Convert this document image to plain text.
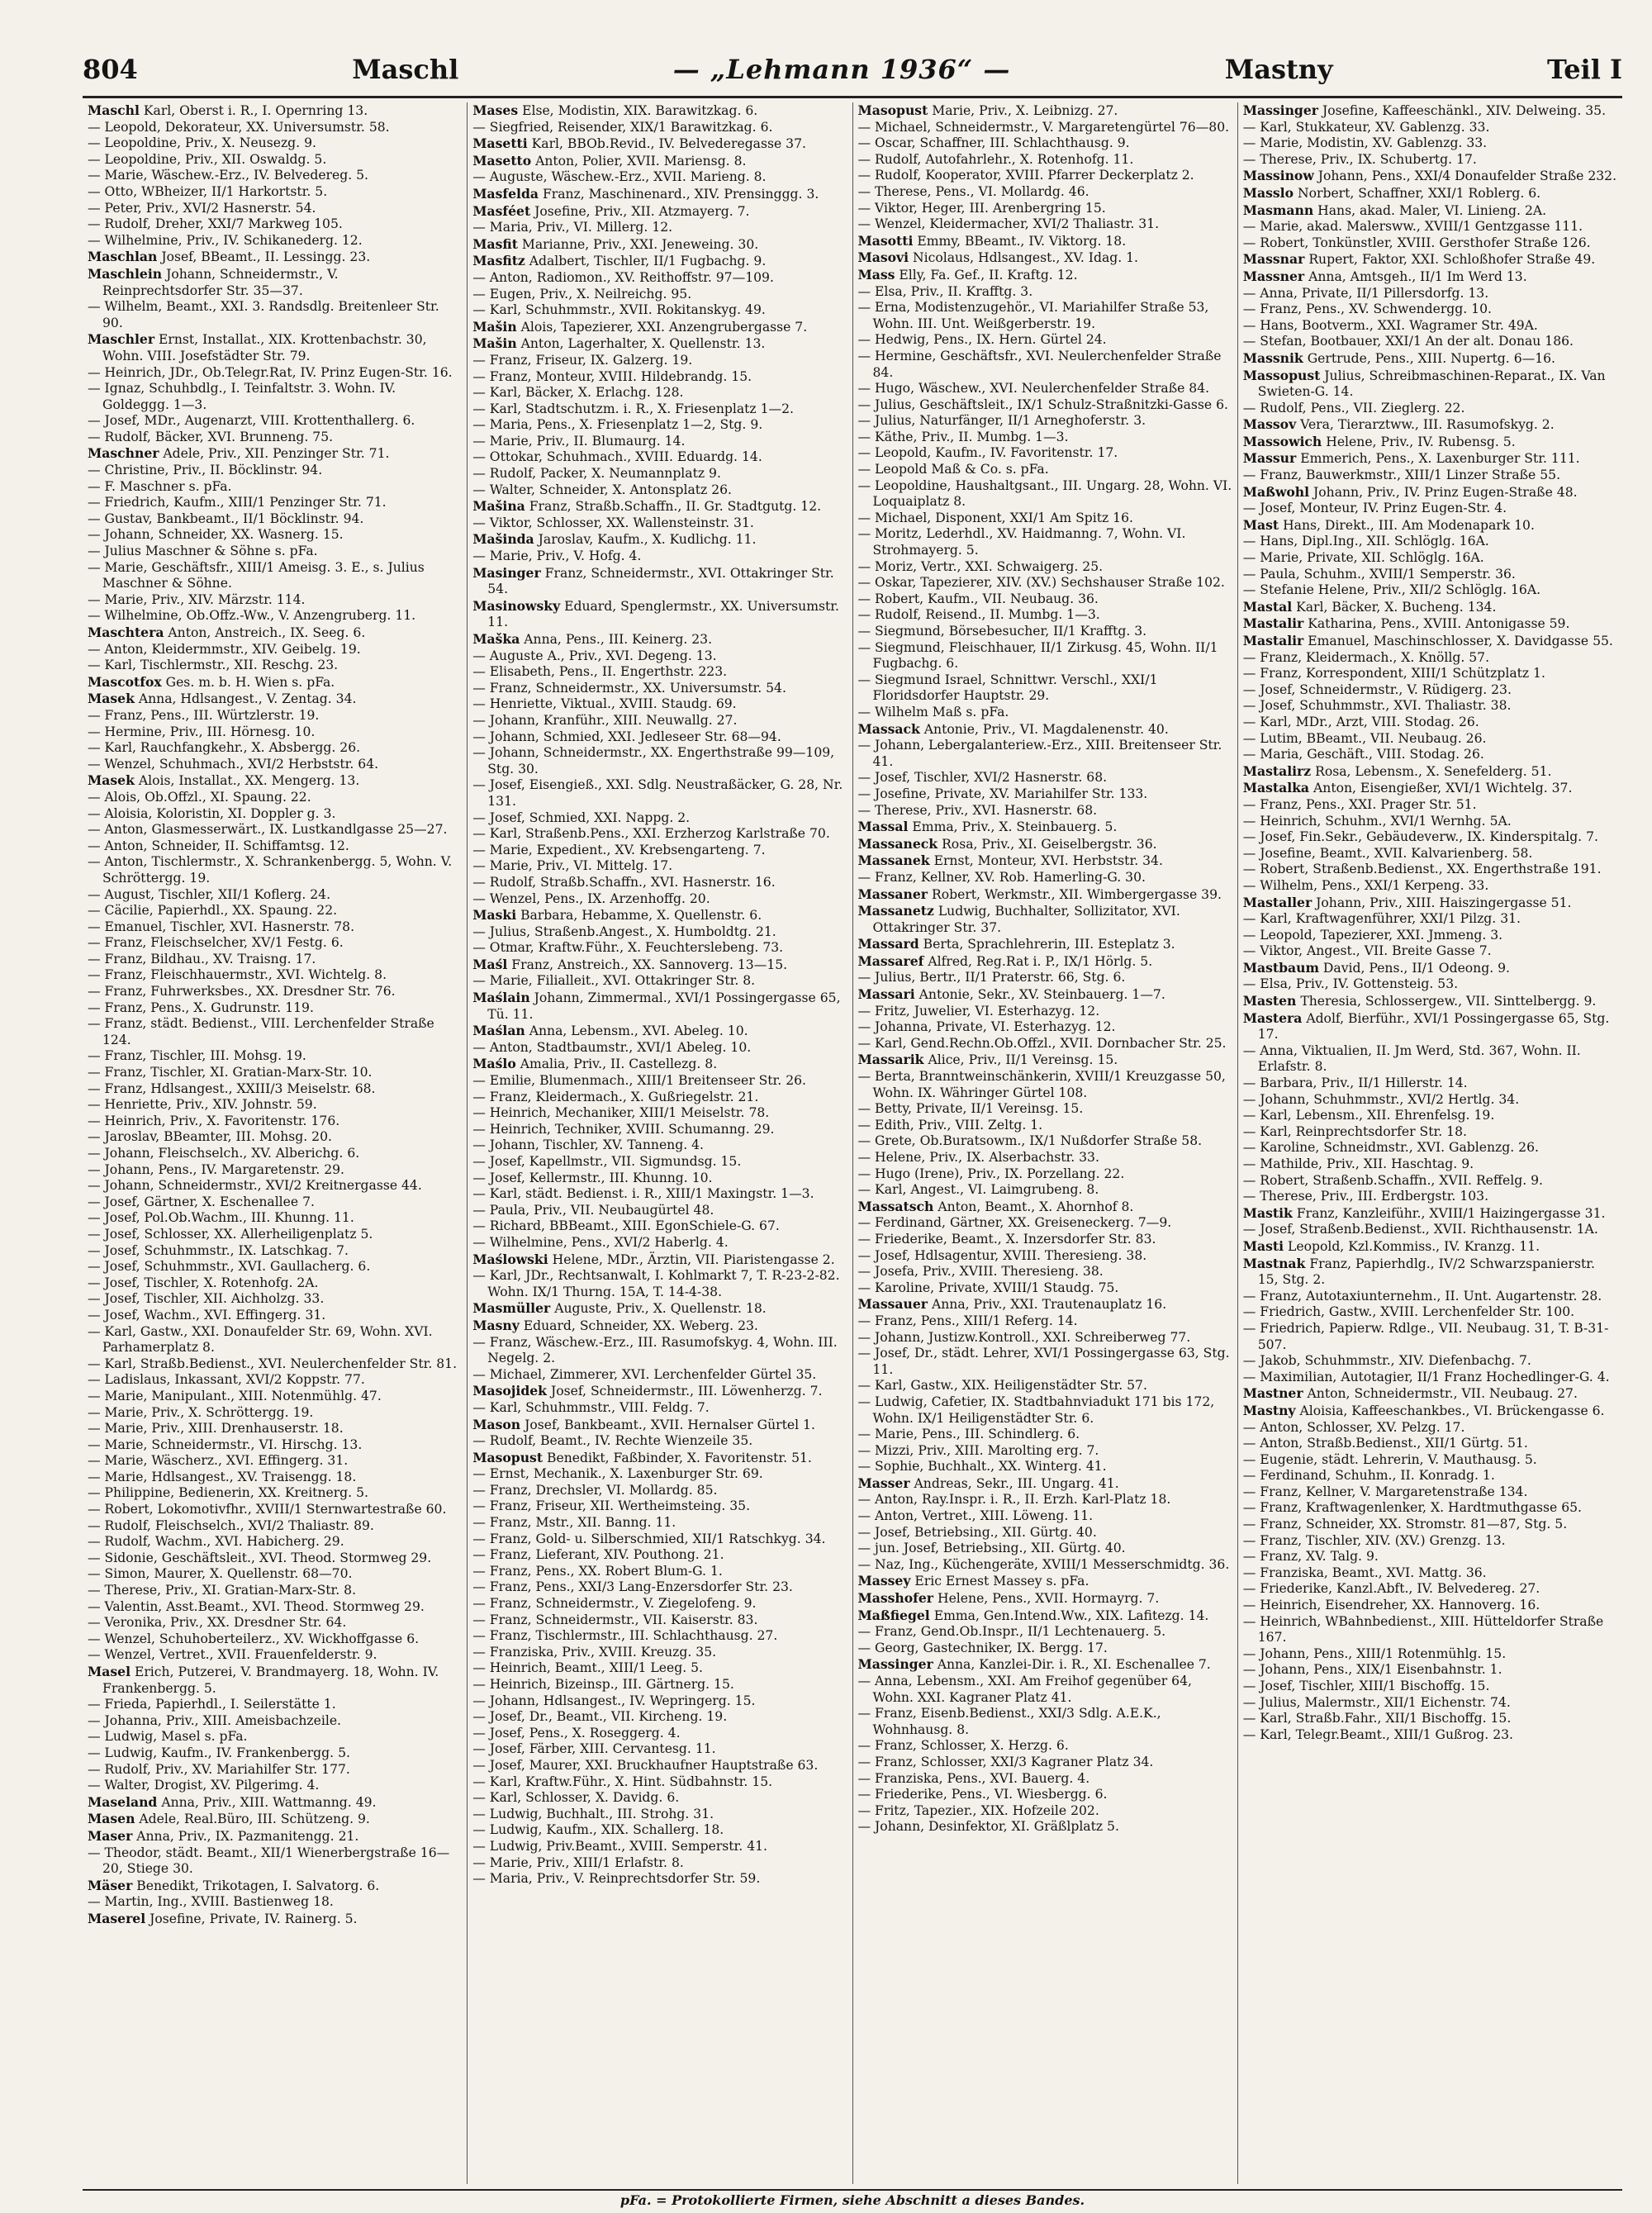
804	Maschl	— „Lehmann 1936“ —	Mastny	Teil I
Maschl Karl, Oberst i. R., I. Opernring 13.
— Leopold, Dekorateur, XX. Universumstr. 58.
— Leopoldine, Priv., X. Neusezg. 9.
— Leopoldine, Priv., XII. Oswaldg. 5.
— Marie, Wäschew.-Erz., IV. Belvedereg. 5.
— Otto, WBheizer, II/1 Harkortstr. 5.
— Peter, Priv., XVI/2 Hasnerstr. 54.
— Rudolf, Dreher, XXI/7 Markweg 105.
— Wilhelmine, Priv., IV. Schikanederg. 12.
Maschlan Josef, BBeamt., II. Lessingg. 23.
Maschlein Johann, Schneidermstr., V. Reinprechtsdorfer Str. 35—37.
— Wilhelm, Beamt., XXI. 3. Randsdlg. Breitenleer Str. 90.
Maschler Ernst, Installat., XIX. Krottenbachstr. 30, Wohn. VIII. Josefstädter Str. 79.
— Heinrich, JDr., Ob.Telegr.Rat, IV. Prinz Eugen-Str. 16.
— Ignaz, Schuhbdlg., I. Teinfaltstr. 3. Wohn. IV. Goldeggg. 1—3.
— Josef, MDr., Augenarzt, VIII. Krottenthallerg. 6.
— Rudolf, Bäcker, XVI. Brunneng. 75.
Maschner Adele, Priv., XII. Penzinger Str. 71.
— Christine, Priv., II. Böcklinstr. 94.
— F. Maschner s. pFa.
— Friedrich, Kaufm., XIII/1 Penzinger Str. 71.
— Gustav, Bankbeamt., II/1 Böcklinstr. 94.
— Johann, Schneider, XX. Wasnerg. 15.
— Julius Maschner & Söhne s. pFa.
— Marie, Geschäftsfr., XIII/1 Ameisg. 3. E., s. Julius Maschner & Söhne.
— Marie, Priv., XIV. Märzstr. 114.
— Wilhelmine, Ob.Offz.-Ww., V. Anzengruberg. 11.
Maschtera Anton, Anstreich., IX. Seeg. 6.
— Anton, Kleidermmstr., XIV. Geibelg. 19.
— Karl, Tischlermstr., XII. Reschg. 23.
Mascotfox Ges. m. b. H. Wien s. pFa.
Masek Anna, Hdlsangest., V. Zentag. 34.
— Franz, Pens., III. Würtzlerstr. 19.
— Hermine, Priv., III. Hörnesg. 10.
— Karl, Rauchfangkehr., X. Absbergg. 26.
— Wenzel, Schuhmach., XVI/2 Herbststr. 64.
Masek Alois, Installat., XX. Mengerg. 13.
— Alois, Ob.Offzl., XI. Spaung. 22.
— Aloisia, Koloristin, XI. Doppler g. 3.
— Anton, Glasmesserwärt., IX. Lustkandlgasse 25—27.
— Anton, Schneider, II. Schiffamtsg. 12.
— Anton, Tischlermstr., X. Schrankenbergg. 5, Wohn. V. Schröttergg. 19.
— August, Tischler, XII/1 Koflerg. 24.
— Cäcilie, Papierhdl., XX. Spaung. 22.
— Emanuel, Tischler, XVI. Hasnerstr. 78.
— Franz, Fleischselcher, XV/1 Festg. 6.
— Franz, Bildhau., XV. Traisng. 17.
— Franz, Fleischhauermstr., XVI. Wichtelg. 8.
— Franz, Fuhrwerksbes., XX. Dresdner Str. 76.
— Franz, Pens., X. Gudrunstr. 119.
— Franz, städt. Bedienst., VIII. Lerchenfelder Straße 124.
— Franz, Tischler, III. Mohsg. 19.
— Franz, Tischler, XI. Gratian-Marx-Str. 10.
— Franz, Hdlsangest., XXIII/3 Meiselstr. 68.
— Henriette, Priv., XIV. Johnstr. 59.
— Heinrich, Priv., X. Favoritenstr. 176.
— Jaroslav, BBeamter, III. Mohsg. 20.
— Johann, Fleischselch., XV. Alberichg. 6.
— Johann, Pens., IV. Margaretenstr. 29.
— Johann, Schneidermstr., XVI/2 Kreitnergasse 44.
— Josef, Gärtner, X. Eschenallee 7.
— Josef, Pol.Ob.Wachm., III. Khunng. 11.
— Josef, Schlosser, XX. Allerheiligenplatz 5.
— Josef, Schuhmmstr., IX. Latschkag. 7.
— Josef, Schuhmmstr., XVI. Gaullacherg. 6.
— Josef, Tischler, X. Rotenhofg. 2A.
— Josef, Tischler, XII. Aichholzg. 33.
— Josef, Wachm., XVI. Effingerg. 31.
— Karl, Gastw., XXI. Donaufelder Str. 69, Wohn. XVI. Parhamerplatz 8.
— Karl, Straßb.Bedienst., XVI. Neulerchenfelder Str. 81.
— Ladislaus, Inkassant, XVI/2 Koppstr. 77.
— Marie, Manipulant., XIII. Notenmühlg. 47.
— Marie, Priv., X. Schröttergg. 19.
— Marie, Priv., XIII. Drenhauserstr. 18.
— Marie, Schneidermstr., VI. Hirschg. 13.
— Marie, Wäscherz., XVI. Effingerg. 31.
— Marie, Hdlsangest., XV. Traisengg. 18.
— Philippine, Bedienerin, XX. Kreitnerg. 5.
— Robert, Lokomotivfhr., XVIII/1 Sternwartestraße 60.
— Rudolf, Fleischselch., XVI/2 Thaliastr. 89.
— Rudolf, Wachm., XVI. Habicherg. 29.
— Sidonie, Geschäftsleit., XVI. Theod. Stormweg 29.
— Simon, Maurer, X. Quellenstr. 68—70.
— Therese, Priv., XI. Gratian-Marx-Str. 8.
— Valentin, Asst.Beamt., XVI. Theod. Stormweg 29.
— Veronika, Priv., XX. Dresdner Str. 64.
— Wenzel, Schuhoberteilerz., XV. Wickhoffgasse 6.
— Wenzel, Vertret., XVII. Frauenfelderstr. 9.
Masel Erich, Putzerei, V. Brandmayerg. 18, Wohn. IV. Frankenbergg. 5.
— Frieda, Papierhdl., I. Seilerstätte 1.
— Johanna, Priv., XIII. Ameisbachzeile.
— Ludwig, Masel s. pFa.
— Ludwig, Kaufm., IV. Frankenbergg. 5.
— Rudolf, Priv., XV. Mariahilfer Str. 177.
— Walter, Drogist, XV. Pilgerimg. 4.
Maseland Anna, Priv., XIII. Wattmanng. 49.
Masen Adele, Real.Büro, III. Schützeng. 9.
Maser Anna, Priv., IX. Pazmanitengg. 21.
— Theodor, städt. Beamt., XII/1 Wienerbergstraße 16—20, Stiege 30.
Mäser Benedikt, Trikotagen, I. Salvatorg. 6.
— Martin, Ing., XVIII. Bastienweg 18.
Maserel Josefine, Private, IV. Rainerg. 5.
Mases Else, Modistin, XIX. Barawitzkag. 6.
— Siegfried, Reisender, XIX/1 Barawitzkag. 6.
Masetti Karl, BBOb.Revid., IV. Belvederegasse 37.
Masetto Anton, Polier, XVII. Mariensg. 8.
— Auguste, Wäschew.-Erz., XVII. Marieng. 8.
Masfelda Franz, Maschinenard., XIV. Prensinggg. 3.
Masféet Josefine, Priv., XII. Atzmayerg. 7.
— Maria, Priv., VI. Millerg. 12.
Masfit Marianne, Priv., XXI. Jeneweing. 30.
Masfitz Adalbert, Tischler, II/1 Fugbachg. 9.
— Anton, Radiomon., XV. Reithoffstr. 97—109.
— Eugen, Priv., X. Neilreichg. 95.
— Karl, Schuhmmstr., XVII. Rokitanskyg. 49.
Mašin Alois, Tapezierer, XXI. Anzengrubergasse 7.
Mašin Anton, Lagerhalter, X. Quellenstr. 13.
— Franz, Friseur, IX. Galzerg. 19.
— Franz, Monteur, XVIII. Hildebrandg. 15.
— Karl, Bäcker, X. Erlachg. 128.
— Karl, Stadtschutzm. i. R., X. Friesenplatz 1—2.
— Maria, Pens., X. Friesenplatz 1—2, Stg. 9.
— Marie, Priv., II. Blumaurg. 14.
— Ottokar, Schuhmach., XVIII. Eduardg. 14.
— Rudolf, Packer, X. Neumannplatz 9.
— Walter, Schneider, X. Antonsplatz 26.
Mašina Franz, Straßb.Schaffn., II. Gr. Stadtgutg. 12.
— Viktor, Schlosser, XX. Wallensteinstr. 31.
Mašinda Jaroslav, Kaufm., X. Kudlichg. 11.
— Marie, Priv., V. Hofg. 4.
Masinger Franz, Schneidermstr., XVI. Ottakringer Str. 54.
Masinowsky Eduard, Spenglermstr., XX. Universumstr. 11.
Maška Anna, Pens., III. Keinerg. 23.
— Auguste A., Priv., XVI. Degeng. 13.
— Elisabeth, Pens., II. Engerthstr. 223.
— Franz, Schneidermstr., XX. Universumstr. 54.
— Henriette, Viktual., XVIII. Staudg. 69.
— Johann, Kranführ., XIII. Neuwallg. 27.
— Johann, Schmied, XXI. Jedleseer Str. 68—94.
— Johann, Schneidermstr., XX. Engerthstraße 99—109, Stg. 30.
— Josef, Eisengieß., XXI. Sdlg. Neustraßäcker, G. 28, Nr. 131.
— Josef, Schmied, XXI. Nappg. 2.
— Karl, Straßenb.Pens., XXI. Erzherzog Karlstraße 70.
— Marie, Expedient., XV. Krebsengarteng. 7.
— Marie, Priv., VI. Mittelg. 17.
— Rudolf, Straßb.Schaffn., XVI. Hasnerstr. 16.
— Wenzel, Pens., IX. Arzenhoffg. 20.
Maski Barbara, Hebamme, X. Quellenstr. 6.
— Julius, Straßenb.Angest., X. Humboldtg. 21.
— Otmar, Kraftw.Führ., X. Feuchterslebeng. 73.
Maśl Franz, Anstreich., XX. Sannoverg. 13—15.
— Marie, Filialleit., XVI. Ottakringer Str. 8.
Maślain Johann, Zimmermal., XVI/1 Possingergasse 65, Tü. 11.
Maślan Anna, Lebensm., XVI. Abeleg. 10.
— Anton, Stadtbaumstr., XVI/1 Abeleg. 10.
Maślo Amalia, Priv., II. Castellezg. 8.
— Emilie, Blumenmach., XIII/1 Breitenseer Str. 26.
— Franz, Kleidermach., X. Gußriegelstr. 21.
— Heinrich, Mechaniker, XIII/1 Meiselstr. 78.
— Heinrich, Techniker, XVIII. Schumanng. 29.
— Johann, Tischler, XV. Tanneng. 4.
— Josef, Kapellmstr., VII. Sigmundsg. 15.
— Josef, Kellermstr., III. Khunng. 10.
— Karl, städt. Bedienst. i. R., XIII/1 Maxingstr. 1—3.
— Paula, Priv., VII. Neubaugürtel 48.
— Richard, BBBeamt., XIII. EgonSchiele-G. 67.
— Wilhelmine, Pens., XVI/2 Haberlg. 4.
Maślowski Helene, MDr., Ärztin, VII. Piaristengasse 2.
— Karl, JDr., Rechtsanwalt, I. Kohlmarkt 7, T. R-23-2-82. Wohn. IX/1 Thurng. 15A, T. 14-4-38.
Masmüller Auguste, Priv., X. Quellenstr. 18.
Masny Eduard, Schneider, XX. Weberg. 23.
— Franz, Wäschew.-Erz., III. Rasumofskyg. 4, Wohn. III. Negelg. 2.
— Michael, Zimmerer, XVI. Lerchenfelder Gürtel 35.
Masojidek Josef, Schneidermstr., III. Löwenherzg. 7.
— Karl, Schuhmmstr., VIII. Feldg. 7.
Mason Josef, Bankbeamt., XVII. Hernalser Gürtel 1.
— Rudolf, Beamt., IV. Rechte Wienzeile 35.
Masopust Benedikt, Faßbinder, X. Favoritenstr. 51.
— Ernst, Mechanik., X. Laxenburger Str. 69.
— Franz, Drechsler, VI. Mollardg. 85.
— Franz, Friseur, XII. Wertheimsteing. 35.
— Franz, Mstr., XII. Banng. 11.
— Franz, Gold- u. Silberschmied, XII/1 Ratschkyg. 34.
— Franz, Lieferant, XIV. Pouthong. 21.
— Franz, Pens., XX. Robert Blum-G. 1.
— Franz, Pens., XXI/3 Lang-Enzersdorfer Str. 23.
— Franz, Schneidermstr., V. Ziegelofeng. 9.
— Franz, Schneidermstr., VII. Kaiserstr. 83.
— Franz, Tischlermstr., III. Schlachthausg. 27.
— Franziska, Priv., XVIII. Kreuzg. 35.
— Heinrich, Beamt., XIII/1 Leeg. 5.
— Heinrich, Bizeinsp., III. Gärtnerg. 15.
— Johann, Hdlsangest., IV. Wepringerg. 15.
— Josef, Dr., Beamt., VII. Kircheng. 19.
— Josef, Pens., X. Roseggerg. 4.
— Josef, Färber, XIII. Cervantesg. 11.
— Josef, Maurer, XXI. Bruckhaufner Hauptstraße 63.
— Karl, Kraftw.Führ., X. Hint. Südbahnstr. 15.
— Karl, Schlosser, X. Davidg. 6.
— Ludwig, Buchhalt., III. Strohg. 31.
— Ludwig, Kaufm., XIX. Schallerg. 18.
— Ludwig, Priv.Beamt., XVIII. Semperstr. 41.
— Marie, Priv., XIII/1 Erlafstr. 8.
— Maria, Priv., V. Reinprechtsdorfer Str. 59.
Masopust Marie, Priv., X. Leibnizg. 27.
— Michael, Schneidermstr., V. Margaretengürtel 76—80.
— Oscar, Schaffner, III. Schlachthausg. 9.
— Rudolf, Autofahrlehr., X. Rotenhofg. 11.
— Rudolf, Kooperator, XVIII. Pfarrer Deckerplatz 2.
— Therese, Pens., VI. Mollardg. 46.
— Viktor, Heger, III. Arenbergring 15.
— Wenzel, Kleidermacher, XVI/2 Thaliastr. 31.
Masotti Emmy, BBeamt., IV. Viktorg. 18.
Masovi Nicolaus, Hdlsangest., XV. Idag. 1.
Mass Elly, Fa. Gef., II. Kraftg. 12.
— Elsa, Priv., II. Krafftg. 3.
— Erna, Modistenzugehör., VI. Mariahilfer Straße 53, Wohn. III. Unt. Weißgerberstr. 19.
— Hedwig, Pens., IX. Hern. Gürtel 24.
— Hermine, Geschäftsfr., XVI. Neulerchenfelder Straße 84.
— Hugo, Wäschew., XVI. Neulerchenfelder Straße 84.
— Julius, Geschäftsleit., IX/1 Schulz-Straßnitzki-Gasse 6.
— Julius, Naturfänger, II/1 Arneghoferstr. 3.
— Käthe, Priv., II. Mumbg. 1—3.
— Leopold, Kaufm., IV. Favoritenstr. 17.
— Leopold Maß & Co. s. pFa.
— Leopoldine, Haushaltgsant., III. Ungarg. 28, Wohn. VI. Loquaiplatz 8.
— Michael, Disponent, XXI/1 Am Spitz 16.
— Moritz, Lederhdl., XV. Haidmanng. 7, Wohn. VI. Strohmayerg. 5.
— Moriz, Vertr., XXI. Schwaigerg. 25.
— Oskar, Tapezierer, XIV. (XV.) Sechshauser Straße 102.
— Robert, Kaufm., VII. Neubaug. 36.
— Rudolf, Reisend., II. Mumbg. 1—3.
— Siegmund, Börsebesucher, II/1 Krafftg. 3.
— Siegmund, Fleischhauer, II/1 Zirkusg. 45, Wohn. II/1 Fugbachg. 6.
— Siegmund Israel, Schnittwr. Verschl., XXI/1 Floridsdorfer Hauptstr. 29.
— Wilhelm Maß s. pFa.
Massack Antonie, Priv., VI. Magdalenenstr. 40.
— Johann, Lebergalanteriew.-Erz., XIII. Breitenseer Str. 41.
— Josef, Tischler, XVI/2 Hasnerstr. 68.
— Josefine, Private, XV. Mariahilfer Str. 133.
— Therese, Priv., XVI. Hasnerstr. 68.
Massal Emma, Priv., X. Steinbauerg. 5.
Massaneck Rosa, Priv., XI. Geiselbergstr. 36.
Massanek Ernst, Monteur, XVI. Herbststr. 34.
— Franz, Kellner, XV. Rob. Hamerling-G. 30.
Massaner Robert, Werkmstr., XII. Wimbergergasse 39.
Massanetz Ludwig, Buchhalter, Sollizitator, XVI. Ottakringer Str. 37.
Massard Berta, Sprachlehrerin, III. Esteplatz 3.
Massaref Alfred, Reg.Rat i. P., IX/1 Hörlg. 5.
— Julius, Bertr., II/1 Praterstr. 66, Stg. 6.
Massari Antonie, Sekr., XV. Steinbauerg. 1—7.
— Fritz, Juwelier, VI. Esterhazyg. 12.
— Johanna, Private, VI. Esterhazyg. 12.
— Karl, Gend.Rechn.Ob.Offzl., XVII. Dornbacher Str. 25.
Massarik Alice, Priv., II/1 Vereinsg. 15.
— Berta, Branntweinschänkerin, XVIII/1 Kreuzgasse 50, Wohn. IX. Währinger Gürtel 108.
— Betty, Private, II/1 Vereinsg. 15.
— Edith, Priv., VIII. Zeltg. 1.
— Grete, Ob.Buratsowm., IX/1 Nußdorfer Straße 58.
— Helene, Priv., IX. Alserbachstr. 33.
— Hugo (Irene), Priv., IX. Porzellang. 22.
— Karl, Angest., VI. Laimgrubeng. 8.
Massatsch Anton, Beamt., X. Ahornhof 8.
— Ferdinand, Gärtner, XX. Greiseneckerg. 7—9.
— Friederike, Beamt., X. Inzersdorfer Str. 83.
— Josef, Hdlsagentur, XVIII. Theresieng. 38.
— Josefa, Priv., XVIII. Theresieng. 38.
— Karoline, Private, XVIII/1 Staudg. 75.
Massauer Anna, Priv., XXI. Trautenauplatz 16.
— Franz, Pens., XIII/1 Referg. 14.
— Johann, Justizw.Kontroll., XXI. Schreiberweg 77.
— Josef, Dr., städt. Lehrer, XVI/1 Possingergasse 63, Stg. 11.
— Karl, Gastw., XIX. Heiligenstädter Str. 57.
— Ludwig, Cafetier, IX. Stadtbahnviadukt 171 bis 172, Wohn. IX/1 Heiligenstädter Str. 6.
— Marie, Pens., III. Schindlerg. 6.
— Mizzi, Priv., XIII. Marolting erg. 7.
— Sophie, Buchhalt., XX. Winterg. 41.
Masser Andreas, Sekr., III. Ungarg. 41.
— Anton, Ray.Inspr. i. R., II. Erzh. Karl-Platz 18.
— Anton, Vertret., XIII. Löweng. 11.
— Josef, Betriebsing., XII. Gürtg. 40.
— jun. Josef, Betriebsing., XII. Gürtg. 40.
— Naz, Ing., Küchengeräte, XVIII/1 Messerschmidtg. 36.
Massey Eric Ernest Massey s. pFa.
Masshofer Helene, Pens., XVII. Hormayrg. 7.
Maßfiegel Emma, Gen.Intend.Ww., XIX. Lafitezg. 14.
— Franz, Gend.Ob.Inspr., II/1 Lechtenauerg. 5.
— Georg, Gastechniker, IX. Bergg. 17.
Massinger Anna, Kanzlei-Dir. i. R., XI. Eschenallee 7.
— Anna, Lebensm., XXI. Am Freihof gegenüber 64, Wohn. XXI. Kagraner Platz 41.
— Franz, Eisenb.Bedienst., XXI/3 Sdlg. A.E.K., Wohnhausg. 8.
— Franz, Schlosser, X. Herzg. 6.
— Franz, Schlosser, XXI/3 Kagraner Platz 34.
— Franziska, Pens., XVI. Bauerg. 4.
— Friederike, Pens., VI. Wiesbergg. 6.
— Fritz, Tapezier., XIX. Hofzeile 202.
— Johann, Desinfektor, XI. Gräßlplatz 5.
Massinger Josefine, Kaffeeschänkl., XIV. Delweing. 35.
— Karl, Stukkateur, XV. Gablenzg. 33.
— Marie, Modistin, XV. Gablenzg. 33.
— Therese, Priv., IX. Schubertg. 17.
Massinow Johann, Pens., XXI/4 Donaufelder Straße 232.
Masslo Norbert, Schaffner, XXI/1 Roblerg. 6.
Masmann Hans, akad. Maler, VI. Linieng. 2A.
— Marie, akad. Malersww., XVIII/1 Gentzgasse 111.
— Robert, Tonkünstler, XVIII. Gersthofer Straße 126.
Massnar Rupert, Faktor, XXI. Schloßhofer Straße 49.
Massner Anna, Amtsgeh., II/1 Im Werd 13.
— Anna, Private, II/1 Pillersdorfg. 13.
— Franz, Pens., XV. Schwendergg. 10.
— Hans, Bootverm., XXI. Wagramer Str. 49A.
— Stefan, Bootbauer, XXI/1 An der alt. Donau 186.
Massnik Gertrude, Pens., XIII. Nupertg. 6—16.
Massopust Julius, Schreibmaschinen-Reparat., IX. Van Swieten-G. 14.
— Rudolf, Pens., VII. Zieglerg. 22.
Massov Vera, Tierarztww., III. Rasumofskyg. 2.
Massowich Helene, Priv., IV. Rubensg. 5.
Massur Emmerich, Pens., X. Laxenburger Str. 111.
— Franz, Bauwerkmstr., XIII/1 Linzer Straße 55.
Maßwohl Johann, Priv., IV. Prinz Eugen-Straße 48.
— Josef, Monteur, IV. Prinz Eugen-Str. 4.
Mast Hans, Direkt., III. Am Modenapark 10.
— Hans, Dipl.Ing., XII. Schlöglg. 16A.
— Marie, Private, XII. Schlöglg. 16A.
— Paula, Schuhm., XVIII/1 Semperstr. 36.
— Stefanie Helene, Priv., XII/2 Schlöglg. 16A.
Mastal Karl, Bäcker, X. Bucheng. 134.
Mastalir Katharina, Pens., XVIII. Antonigasse 59.
Mastalir Emanuel, Maschinschlosser, X. Davidgasse 55.
— Franz, Kleidermach., X. Knöllg. 57.
— Franz, Korrespondent, XIII/1 Schützplatz 1.
— Josef, Schneidermstr., V. Rüdigerg. 23.
— Josef, Schuhmmstr., XVI. Thaliastr. 38.
— Karl, MDr., Arzt, VIII. Stodag. 26.
— Lutim, BBeamt., VII. Neubaug. 26.
— Maria, Geschäft., VIII. Stodag. 26.
Mastalirz Rosa, Lebensm., X. Senefelderg. 51.
Mastalka Anton, Eisengießer, XVI/1 Wichtelg. 37.
— Franz, Pens., XXI. Prager Str. 51.
— Heinrich, Schuhm., XVI/1 Wernhg. 5A.
— Josef, Fin.Sekr., Gebäudeverw., IX. Kinderspitalg. 7.
— Josefine, Beamt., XVII. Kalvarienberg. 58.
— Robert, Straßenb.Bedienst., XX. Engerthstraße 191.
— Wilhelm, Pens., XXI/1 Kerpeng. 33.
Mastaller Johann, Priv., XIII. Haiszingergasse 51.
— Karl, Kraftwagenführer, XXI/1 Pilzg. 31.
— Leopold, Tapezierer, XXI. Jmmeng. 3.
— Viktor, Angest., VII. Breite Gasse 7.
Mastbaum David, Pens., II/1 Odeong. 9.
— Elsa, Priv., IV. Gottensteig. 53.
Masten Theresia, Schlossergew., VII. Sinttelbergg. 9.
Mastera Adolf, Bierführ., XVI/1 Possingergasse 65, Stg. 17.
— Anna, Viktualien, II. Jm Werd, Std. 367, Wohn. II. Erlafstr. 8.
— Barbara, Priv., II/1 Hillerstr. 14.
— Johann, Schuhmmstr., XVI/2 Hertlg. 34.
— Karl, Lebensm., XII. Ehrenfelsg. 19.
— Karl, Reinprechtsdorfer Str. 18.
— Karoline, Schneidmstr., XVI. Gablenzg. 26.
— Mathilde, Priv., XII. Haschtag. 9.
— Robert, Straßenb.Schaffn., XVII. Reffelg. 9.
— Therese, Priv., III. Erdbergstr. 103.
Mastik Franz, Kanzleiführ., XVIII/1 Haizingergasse 31.
— Josef, Straßenb.Bedienst., XVII. Richthausenstr. 1A.
Masti Leopold, Kzl.Kommiss., IV. Kranzg. 11.
Mastnak Franz, Papierhdlg., IV/2 Schwarzspanierstr. 15, Stg. 2.
— Franz, Autotaxiunternehm., II. Unt. Augartenstr. 28.
— Friedrich, Gastw., XVIII. Lerchenfelder Str. 100.
— Friedrich, Papierw. Rdlge., VII. Neubaug. 31, T. B-31-507.
— Jakob, Schuhmmstr., XIV. Diefenbachg. 7.
— Maximilian, Autotagier, II/1 Franz Hochedlinger-G. 4.
Mastner Anton, Schneidermstr., VII. Neubaug. 27.
Mastny Aloisia, Kaffeeschankbes., VI. Brückengasse 6.
— Anton, Schlosser, XV. Pelzg. 17.
— Anton, Straßb.Bedienst., XII/1 Gürtg. 51.
— Eugenie, städt. Lehrerin, V. Mauthausg. 5.
— Ferdinand, Schuhm., II. Konradg. 1.
— Franz, Kellner, V. Margaretenstraße 134.
— Franz, Kraftwagenlenker, X. Hardtmuthgasse 65.
— Franz, Schneider, XX. Stromstr. 81—87, Stg. 5.
— Franz, Tischler, XIV. (XV.) Grenzg. 13.
— Franz, XV. Talg. 9.
— Franziska, Beamt., XVI. Mattg. 36.
— Friederike, Kanzl.Abft., IV. Belvedereg. 27.
— Heinrich, Eisendreher, XX. Hannoverg. 16.
— Heinrich, WBahnbedienst., XIII. Hütteldorfer Straße 167.
— Johann, Pens., XIII/1 Rotenmühlg. 15.
— Johann, Pens., XIX/1 Eisenbahnstr. 1.
— Josef, Tischler, XIII/1 Bischoffg. 15.
— Julius, Malermstr., XII/1 Eichenstr. 74.
— Karl, Straßb.Fahr., XII/1 Bischoffg. 15.
— Karl, Telegr.Beamt., XIII/1 Gußrog. 23.
pFa. = Protokollierte Firmen, siehe Abschnitt a dieses Bandes.
